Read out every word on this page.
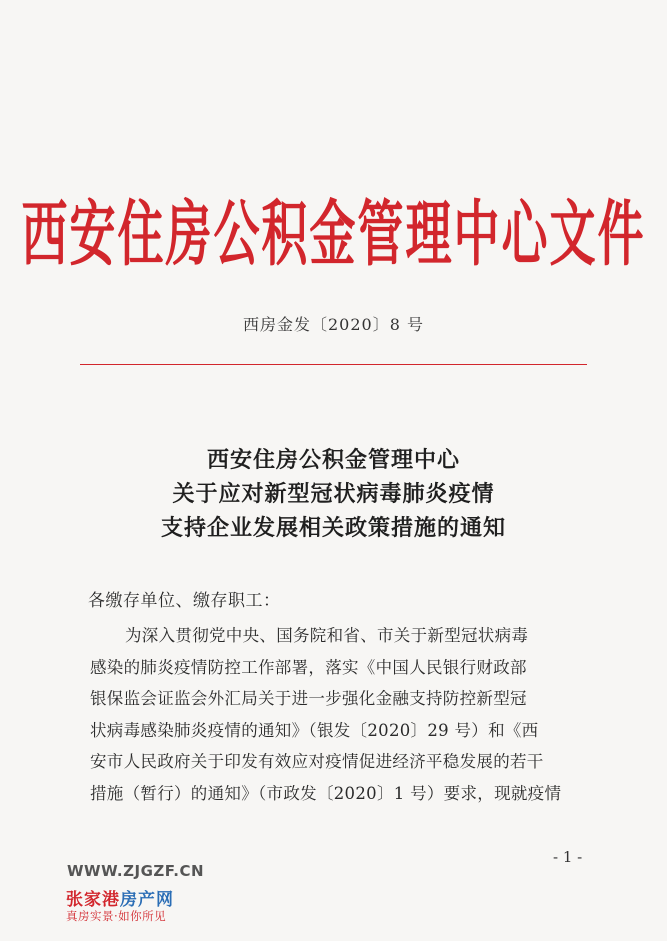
西安住房公积金管理中心文件
西房金发〔2020〕8 号
西安住房公积金管理中心
关于应对新型冠状病毒肺炎疫情
支持企业发展相关政策措施的通知
各缴存单位、缴存职工：
为深入贯彻党中央、国务院和省、市关于新型冠状病毒
感染的肺炎疫情防控工作部署，落实《中国人民银行财政部
银保监会证监会外汇局关于进一步强化金融支持防控新型冠
状病毒感染肺炎疫情的通知》（银发〔2020〕29 号）和《西
安市人民政府关于印发有效应对疫情促进经济平稳发展的若干
措施（暂行）的通知》（市政发〔2020〕1 号）要求，现就疫情
- 1 -
WWW.ZJGZF.CN
张家港房产网
真房实景·如你所见
